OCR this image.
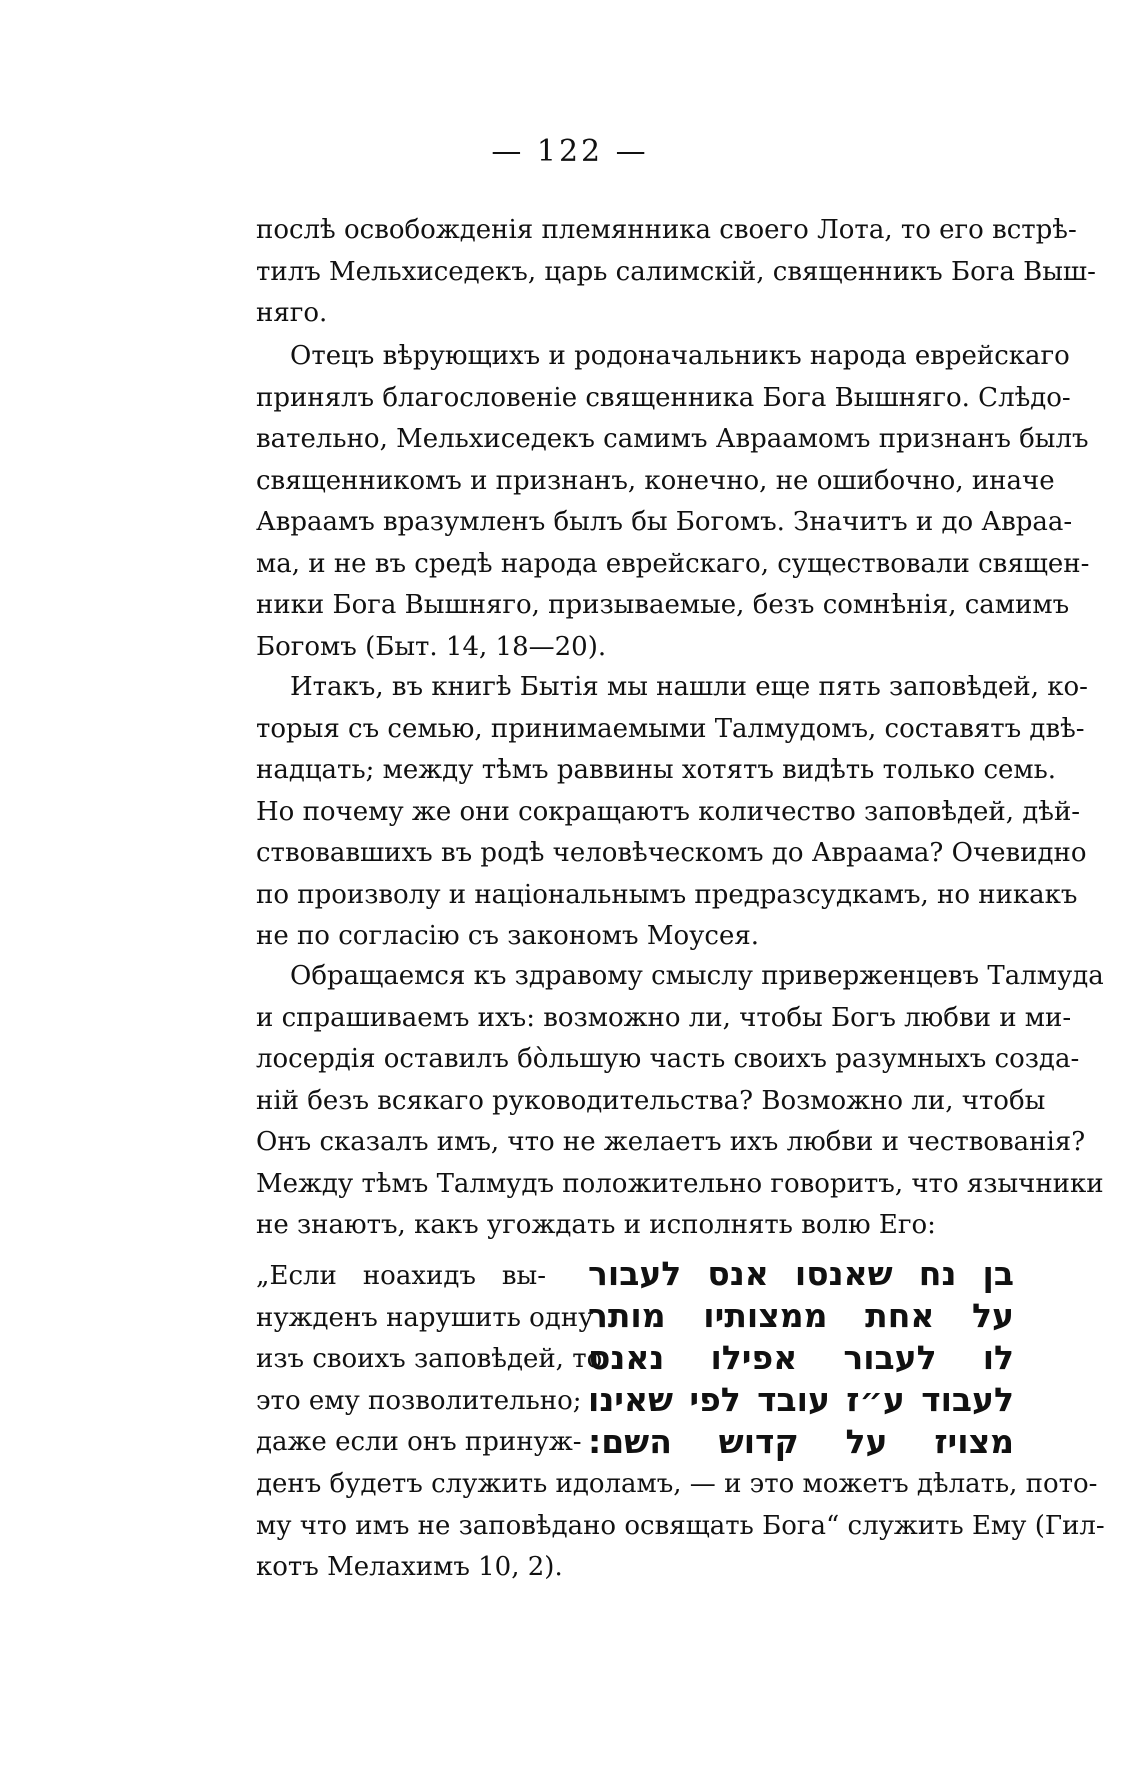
— 122 —
послѣ освобожденія племянника своего Лота, то его встрѣ-
тилъ Мельхиседекъ, царь салимскій, священникъ Бога Выш-
няго.
Отецъ вѣрующихъ и родоначальникъ народа еврейскаго
принялъ благословеніе священника Бога Вышняго. Слѣдо-
вательно, Мельхиседекъ самимъ Авраамомъ признанъ былъ
священникомъ и признанъ, конечно, не ошибочно, иначе
Авраамъ вразумленъ былъ бы Богомъ. Значитъ и до Авраа-
ма, и не въ средѣ народа еврейскаго, существовали священ-
ники Бога Вышняго, призываемые, безъ сомнѣнія, самимъ
Богомъ (Быт. 14, 18—20).
Итакъ, въ книгѣ Бытія мы нашли еще пять заповѣдей, ко-
торыя съ семью, принимаемыми Талмудомъ, составятъ двѣ-
надцать; между тѣмъ раввины хотятъ видѣть только семь.
Но почему же они сокращаютъ количество заповѣдей, дѣй-
ствовавшихъ въ родѣ человѣческомъ до Авраама? Очевидно
по произволу и національнымъ предразсудкамъ, но никакъ
не по согласію съ закономъ Моусея.
Обращаемся къ здравому смыслу приверженцевъ Талмуда
и спрашиваемъ ихъ: возможно ли, чтобы Богъ любви и ми-
лосердія оставилъ бо̀льшую часть своихъ разумныхъ созда-
ній безъ всякаго руководительства? Возможно ли, чтобы
Онъ сказалъ имъ, что не желаетъ ихъ любви и чествованія?
Между тѣмъ Талмудъ положительно говоритъ, что язычники
не знаютъ, какъ угождать и исполнять волю Его:
„Если ноахидъ вы-
нужденъ нарушить одну
изъ своихъ заповѣдей, то
это ему позволительно;
даже если онъ принуж-
בן נח שאנסו אנס לעבור
על אחת ממצותיו מותר
לו לעבור אפילו נאנס
לעבוד ע״ז עובד לפי שאינו
מצויז על קדוש השם:
денъ будетъ служить идоламъ, — и это можетъ дѣлать, пото-
му что имъ не заповѣдано освящать Бога“ служить Ему (Гил-
котъ Мелахимъ 10, 2).
